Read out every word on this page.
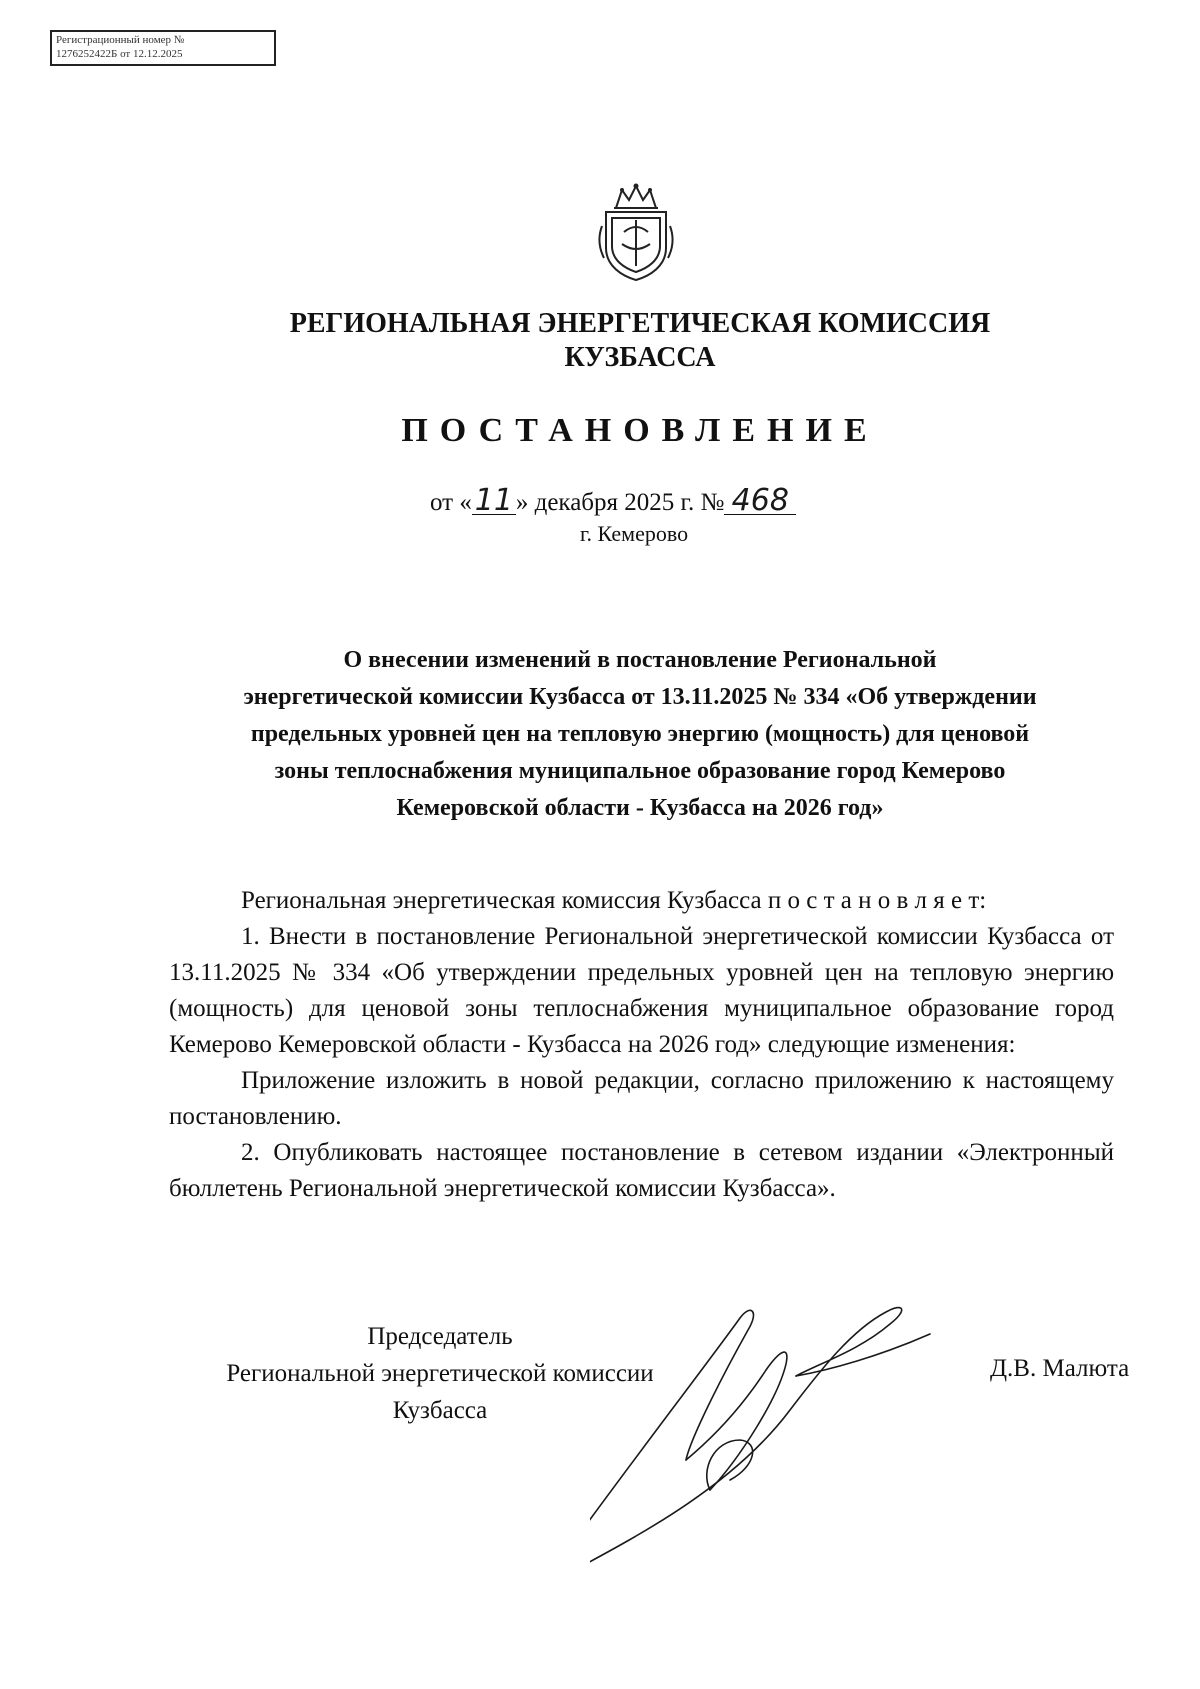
Регистрационный номер №
1276252422Б от 12.12.2025
РЕГИОНАЛЬНАЯ ЭНЕРГЕТИЧЕСКАЯ КОМИССИЯ
КУЗБАССА
ПОСТАНОВЛЕНИЕ
от «11 » декабря 2025 г. № 468
г. Кемерово
О внесении изменений в постановление Региональной
энергетической комиссии Кузбасса от 13.11.2025 № 334 «Об утверждении
предельных уровней цен на тепловую энергию (мощность) для ценовой
зоны теплоснабжения муниципальное образование город Кемерово
Кемеровской области - Кузбасса на 2026 год»

Региональная энергетическая комиссия Кузбасса п о с т а н о в л я е т:

1. Внести в постановление Региональной энергетической комиссии Кузбасса от 13.11.2025 № 334 «Об утверждении предельных уровней цен на тепловую энергию (мощность) для ценовой зоны теплоснабжения муниципальное образование город Кемерово Кемеровской области - Кузбасса на 2026 год» следующие изменения:

Приложение изложить в новой редакции, согласно приложению к настоящему постановлению.

2. Опубликовать настоящее постановление в сетевом издании «Электронный бюллетень Региональной энергетической комиссии Кузбасса».

Председатель
Региональной энергетической комиссии
Кузбасса
Д.В. Малюта
